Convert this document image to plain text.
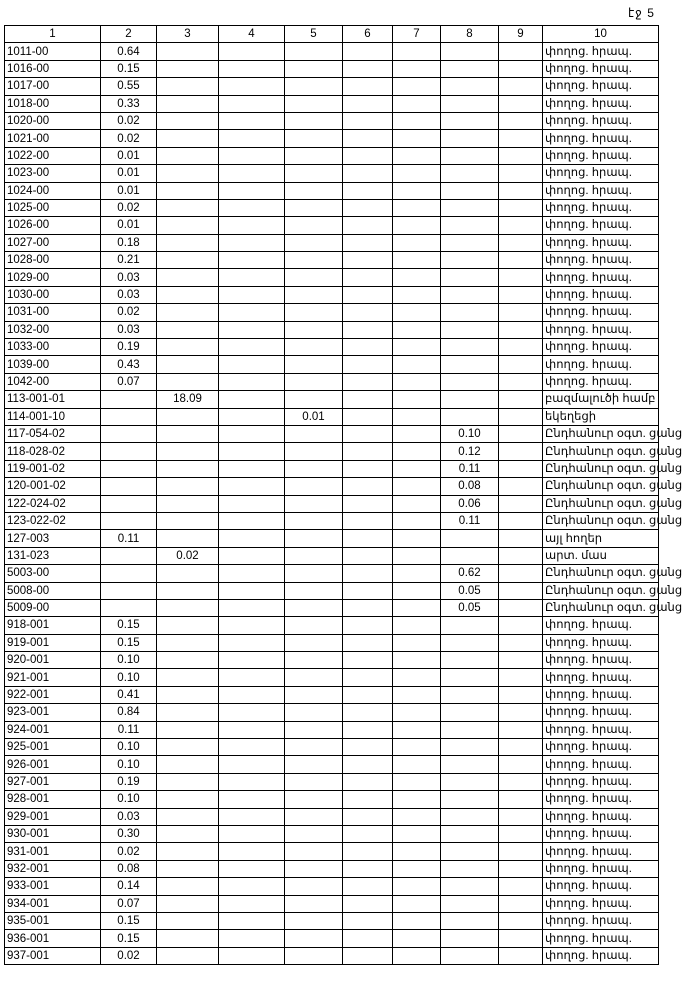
էջ 5
1	2	3	4	5	6	7	8	9	10
1011-00	0.64								փողոց. հրապ.
1016-00	0.15								փողոց. հրապ.
1017-00	0.55								փողոց. հրապ.
1018-00	0.33								փողոց. հրապ.
1020-00	0.02								փողոց. հրապ.
1021-00	0.02								փողոց. հրապ.
1022-00	0.01								փողոց. հրապ.
1023-00	0.01								փողոց. հրապ.
1024-00	0.01								փողոց. հրապ.
1025-00	0.02								փողոց. հրապ.
1026-00	0.01								փողոց. հրապ.
1027-00	0.18								փողոց. հրապ.
1028-00	0.21								փողոց. հրապ.
1029-00	0.03								փողոց. հրապ.
1030-00	0.03								փողոց. հրապ.
1031-00	0.02								փողոց. հրապ.
1032-00	0.03								փողոց. հրապ.
1033-00	0.19								փողոց. հրապ.
1039-00	0.43								փողոց. հրապ.
1042-00	0.07								փողոց. հրապ.
113-001-01		18.09							բազմալուծի համբ
114-001-10				0.01					եկեղեցի
117-054-02							0.10		Ընդհանուր օգտ. ցանց
118-028-02							0.12		Ընդհանուր օգտ. ցանց
119-001-02							0.11		Ընդհանուր օգտ. ցանց
120-001-02							0.08		Ընդհանուր օգտ. ցանց
122-024-02							0.06		Ընդհանուր օգտ. ցանց
123-022-02							0.11		Ընդհանուր օգտ. ցանց
127-003	0.11								այլ հողեր
131-023		0.02							արտ. մաս
5003-00							0.62		Ընդհանուր օգտ. ցանց
5008-00							0.05		Ընդհանուր օգտ. ցանց
5009-00							0.05		Ընդհանուր օգտ. ցանց
918-001	0.15								փողոց. հրապ.
919-001	0.15								փողոց. հրապ.
920-001	0.10								փողոց. հրապ.
921-001	0.10								փողոց. հրապ.
922-001	0.41								փողոց. հրապ.
923-001	0.84								փողոց. հրապ.
924-001	0.11								փողոց. հրապ.
925-001	0.10								փողոց. հրապ.
926-001	0.10								փողոց. հրապ.
927-001	0.19								փողոց. հրապ.
928-001	0.10								փողոց. հրապ.
929-001	0.03								փողոց. հրապ.
930-001	0.30								փողոց. հրապ.
931-001	0.02								փողոց. հրապ.
932-001	0.08								փողոց. հրապ.
933-001	0.14								փողոց. հրապ.
934-001	0.07								փողոց. հրապ.
935-001	0.15								փողոց. հրապ.
936-001	0.15								փողոց. հրապ.
937-001	0.02								փողոց. հրապ.
